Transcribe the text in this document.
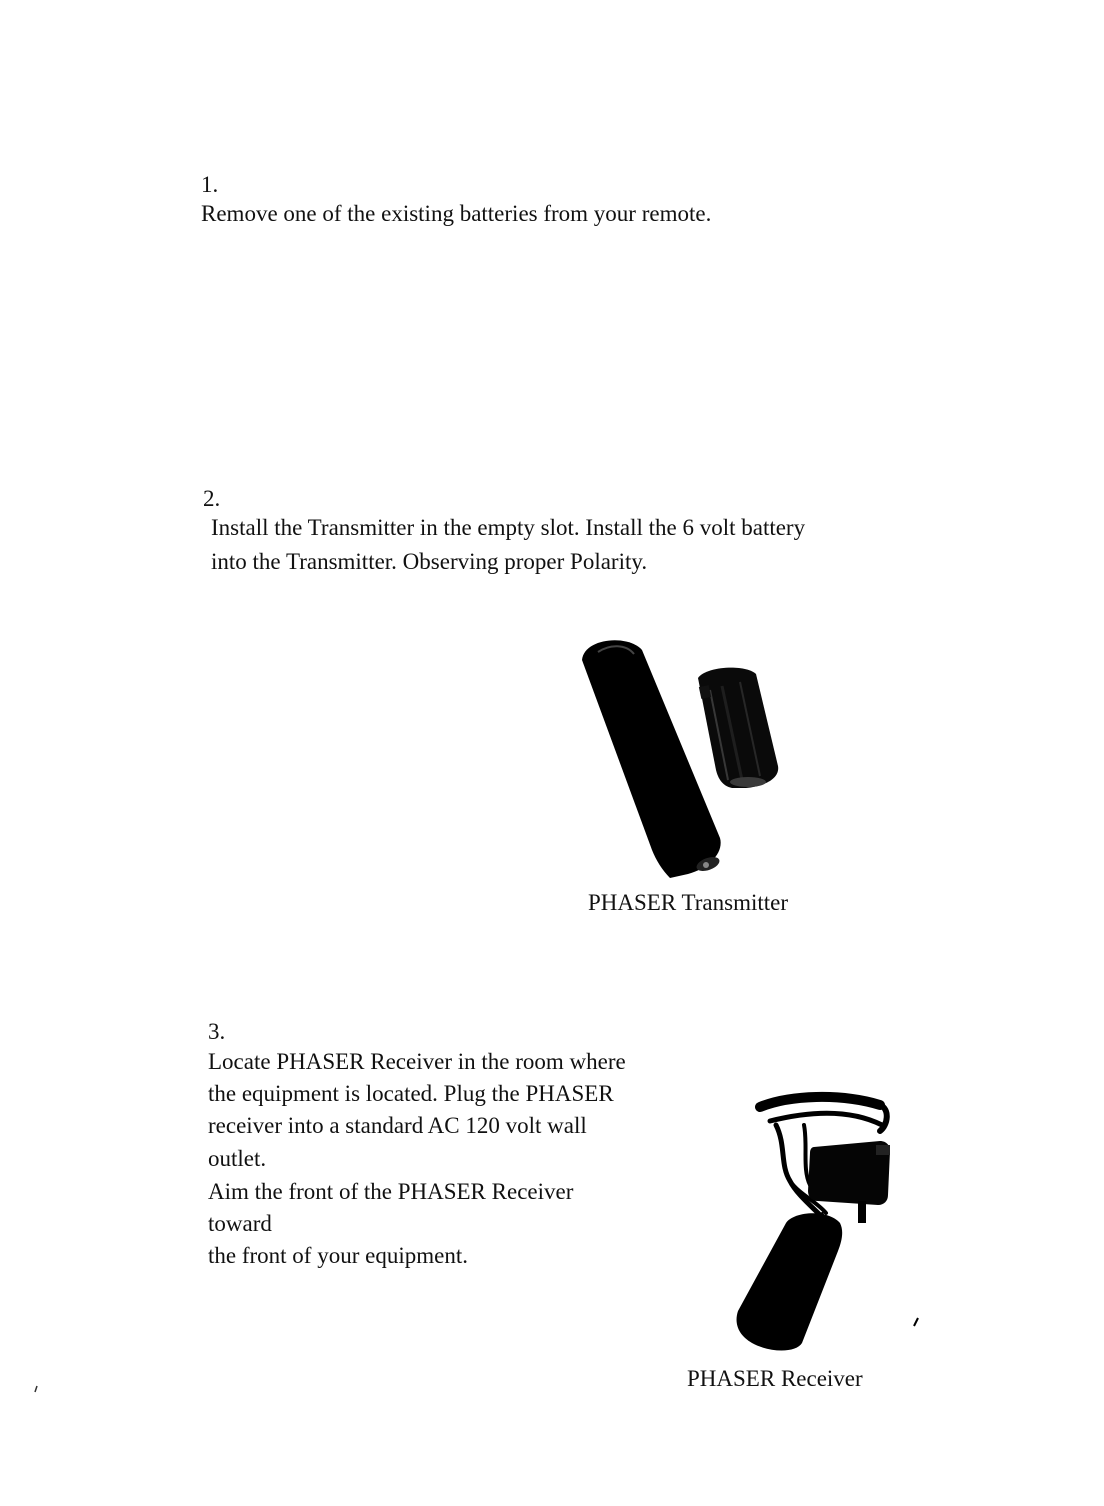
1.

Remove one of the existing batteries from your remote.

2.

Install the Transmitter in the empty slot. Install the 6 volt battery

into the Transmitter. Observing proper Polarity.

PHASER Transmitter

3.

Locate PHASER Receiver in the room where

the equipment is located. Plug the PHASER

receiver into a standard AC 120 volt wall

outlet.

Aim the front of the PHASER Receiver

toward

the front of your equipment.

PHASER Receiver
